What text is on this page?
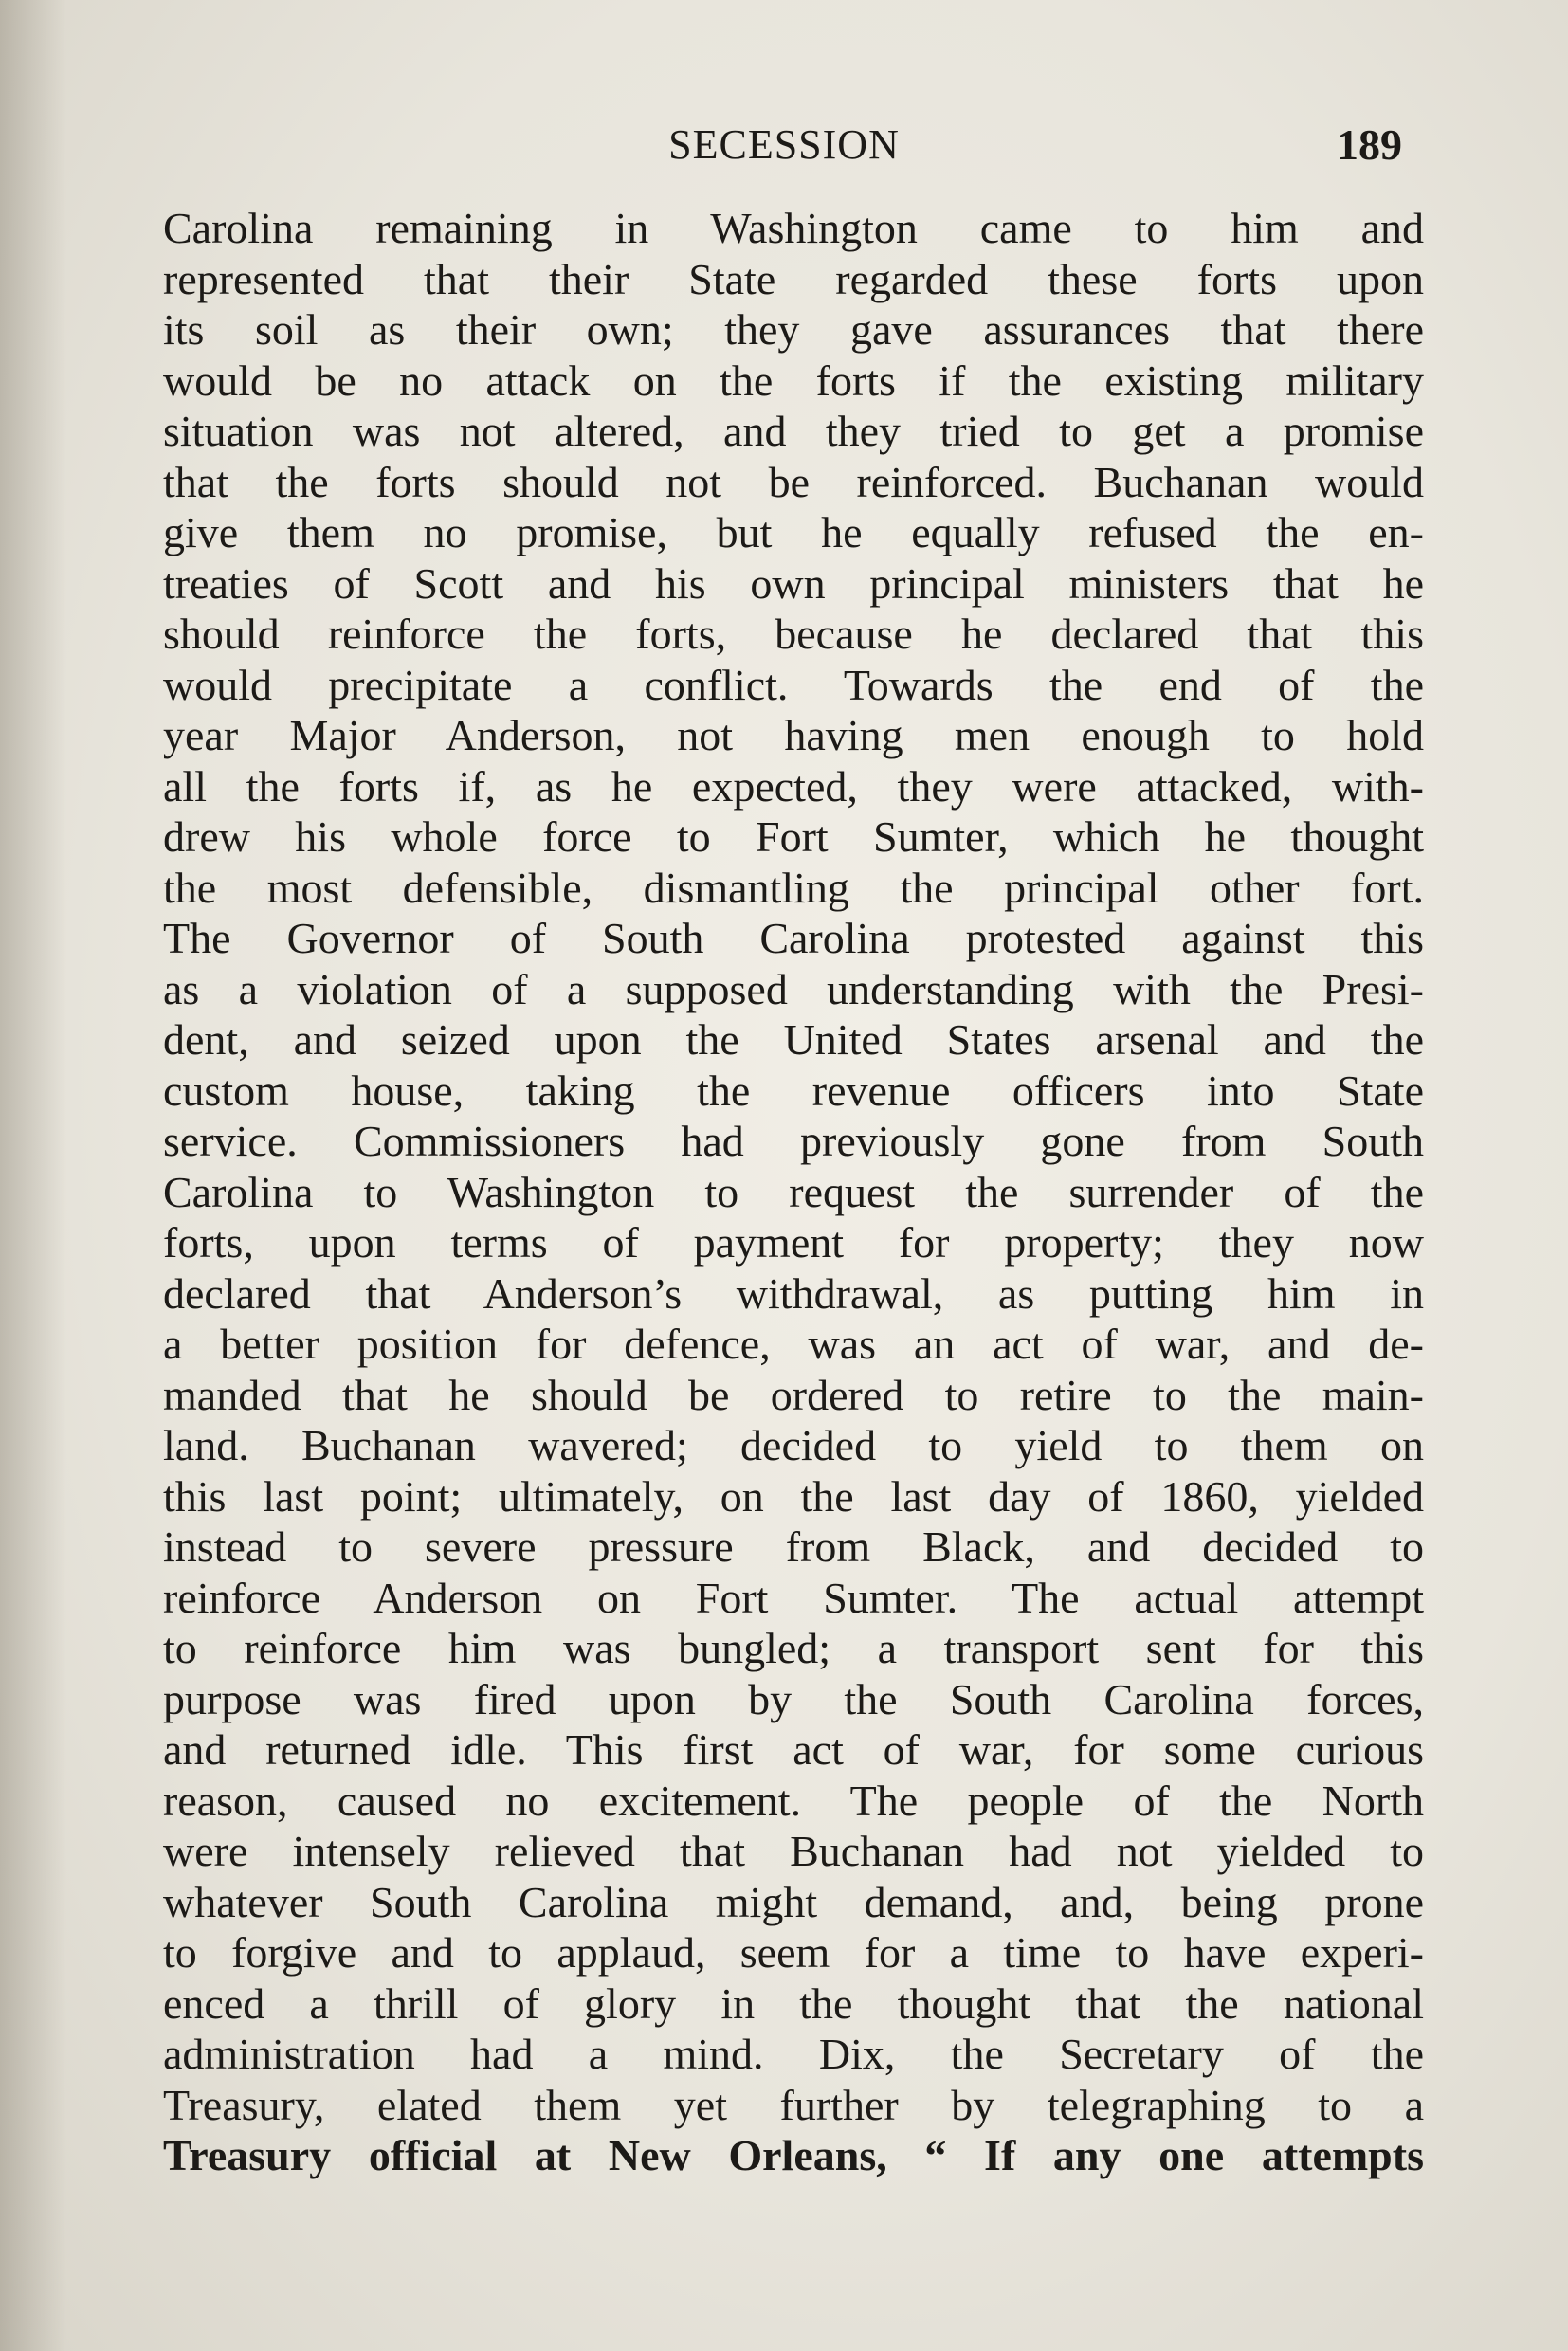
SECESSION	189
Carolina remaining in Washington came to him and
represented that their State regarded these forts upon
its soil as their own; they gave assurances that there
would be no attack on the forts if the existing military
situation was not altered, and they tried to get a promise
that the forts should not be reinforced. Buchanan would
give them no promise, but he equally refused the en-
treaties of Scott and his own principal ministers that he
should reinforce the forts, because he declared that this
would precipitate a conflict. Towards the end of the
year Major Anderson, not having men enough to hold
all the forts if, as he expected, they were attacked, with-
drew his whole force to Fort Sumter, which he thought
the most defensible, dismantling the principal other fort.
The Governor of South Carolina protested against this
as a violation of a supposed understanding with the Presi-
dent, and seized upon the United States arsenal and the
custom house, taking the revenue officers into State
service. Commissioners had previously gone from South
Carolina to Washington to request the surrender of the
forts, upon terms of payment for property; they now
declared that Anderson’s withdrawal, as putting him in
a better position for defence, was an act of war, and de-
manded that he should be ordered to retire to the main-
land. Buchanan wavered; decided to yield to them on
this last point; ultimately, on the last day of 1860, yielded
instead to severe pressure from Black, and decided to
reinforce Anderson on Fort Sumter. The actual attempt
to reinforce him was bungled; a transport sent for this
purpose was fired upon by the South Carolina forces,
and returned idle. This first act of war, for some curious
reason, caused no excitement. The people of the North
were intensely relieved that Buchanan had not yielded to
whatever South Carolina might demand, and, being prone
to forgive and to applaud, seem for a time to have experi-
enced a thrill of glory in the thought that the national
administration had a mind. Dix, the Secretary of the
Treasury, elated them yet further by telegraphing to a
Treasury official at New Orleans, “ If any one attempts
